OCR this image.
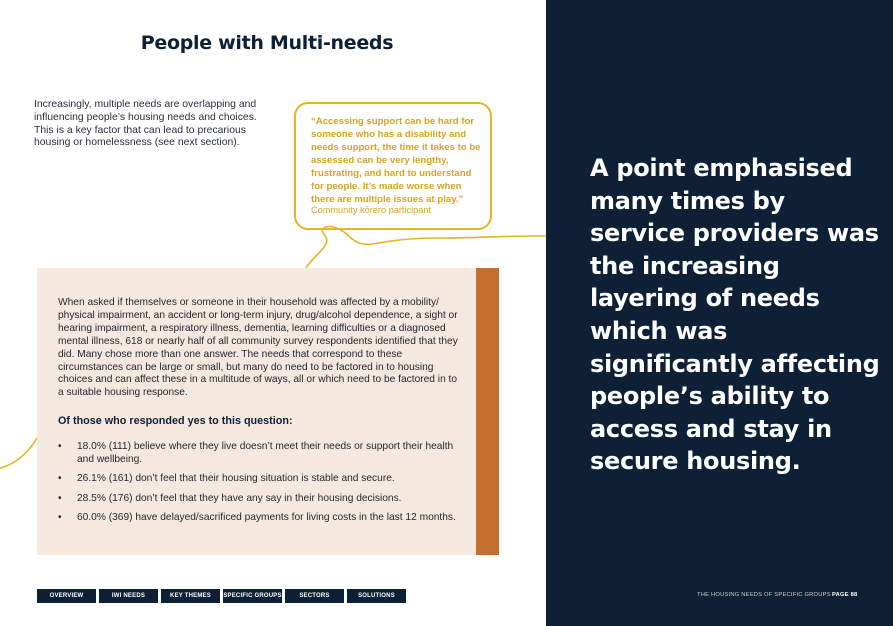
People with Multi-needs
Increasingly, multiple needs are overlapping and influencing people’s housing needs and choices. This is a key factor that can lead to precarious housing or homelessness (see next section).
“Accessing support can be hard for someone who has a disability and needs support, the time it takes to be assessed can be very lengthy, frustrating, and hard to understand for people. It’s made worse when there are multiple issues at play.”
Community kōrero participant
When asked if themselves or someone in their household was affected by a mobility/ physical impairment, an accident or long-term injury, drug/alcohol dependence, a sight or hearing impairment, a respiratory illness, dementia, learning difficulties or a diagnosed mental illness, 618 or nearly half of all community survey respondents identified that they did. Many chose more than one answer. The needs that correspond to these circumstances can be large or small, but many do need to be factored in to housing choices and can affect these in a multitude of ways, all or which need to be factored in to a suitable housing response.
Of those who responded yes to this question:
• 18.0% (111) believe where they live doesn’t meet their needs or support their health and wellbeing.
• 26.1% (161) don’t feel that their housing situation is stable and secure.
• 28.5% (176) don’t feel that they have any say in their housing decisions.
• 60.0% (369) have delayed/sacrificed payments for living costs in the last 12 months.
OVERVIEW	IWI NEEDS	KEY THEMES	SPECIFIC GROUPS	SECTORS	SOLUTIONS
A point emphasised many times by service providers was the increasing layering of needs which was significantly affecting people’s ability to access and stay in secure housing.
THE HOUSING NEEDS OF SPECIFIC GROUPS PAGE 88
